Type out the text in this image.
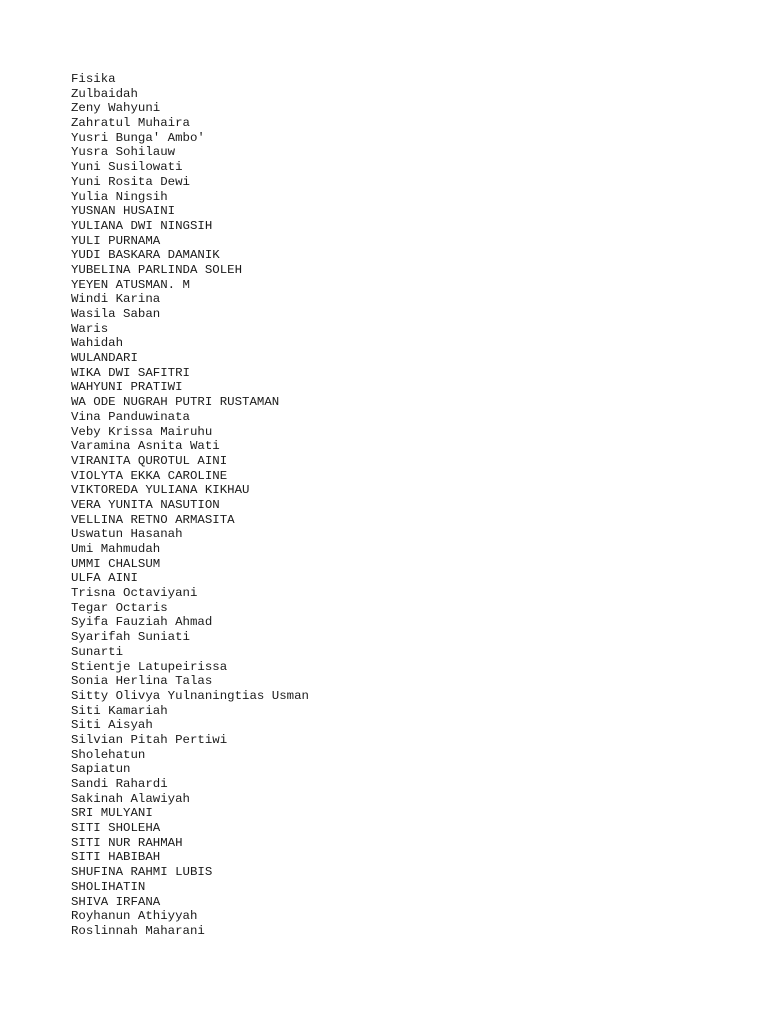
Fisika
Zulbaidah
Zeny Wahyuni
Zahratul Muhaira
Yusri Bunga' Ambo'
Yusra Sohilauw
Yuni Susilowati
Yuni Rosita Dewi
Yulia Ningsih
YUSNAN HUSAINI
YULIANA DWI NINGSIH
YULI PURNAMA
YUDI BASKARA DAMANIK
YUBELINA PARLINDA SOLEH
YEYEN ATUSMAN. M
Windi Karina
Wasila Saban
Waris
Wahidah
WULANDARI
WIKA DWI SAFITRI
WAHYUNI PRATIWI
WA ODE NUGRAH PUTRI RUSTAMAN
Vina Panduwinata
Veby Krissa Mairuhu
Varamina Asnita Wati
VIRANITA QUROTUL AINI
VIOLYTA EKKA CAROLINE
VIKTOREDA YULIANA KIKHAU
VERA YUNITA NASUTION
VELLINA RETNO ARMASITA
Uswatun Hasanah
Umi Mahmudah
UMMI CHALSUM
ULFA AINI
Trisna Octaviyani
Tegar Octaris
Syifa Fauziah Ahmad
Syarifah Suniati
Sunarti
Stientje Latupeirissa
Sonia Herlina Talas
Sitty Olivya Yulnaningtias Usman
Siti Kamariah
Siti Aisyah
Silvian Pitah Pertiwi
Sholehatun
Sapiatun
Sandi Rahardi
Sakinah Alawiyah
SRI MULYANI
SITI SHOLEHA
SITI NUR RAHMAH
SITI HABIBAH
SHUFINA RAHMI LUBIS
SHOLIHATIN
SHIVA IRFANA
Royhanun Athiyyah
Roslinnah Maharani
